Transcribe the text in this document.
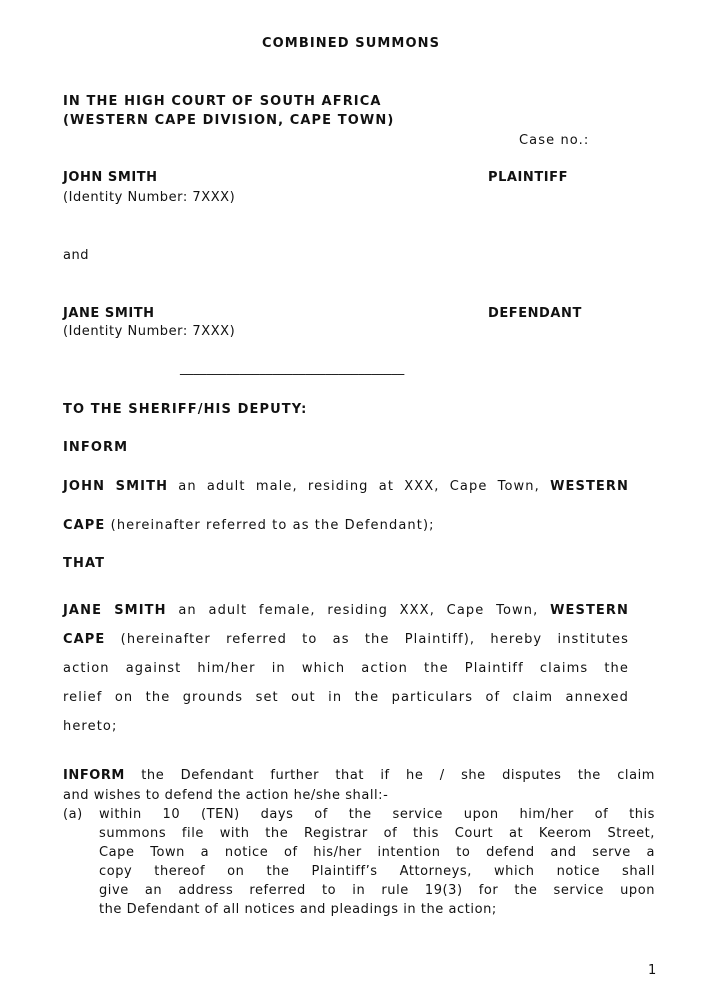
COMBINED SUMMONS
IN THE HIGH COURT OF SOUTH AFRICA
(WESTERN CAPE DIVISION, CAPE TOWN)
Case no.:
JOHN SMITH	PLAINTIFF
(Identity Number: 7XXX)
and
JANE SMITH	DEFENDANT
(Identity Number: 7XXX)
__________________________________
TO THE SHERIFF/HIS DEPUTY:
INFORM
JOHN SMITH an adult male, residing at XXX, Cape Town, WESTERN
CAPE (hereinafter referred to as the Defendant);
THAT
JANE SMITH an adult female, residing XXX, Cape Town, WESTERN
CAPE (hereinafter referred to as the Plaintiff), hereby institutes
action against him/her in which action the Plaintiff claims the
relief on the grounds set out in the particulars of claim annexed
hereto;
INFORM the Defendant further that if he / she disputes the claim
and wishes to defend the action he/she shall:-
(a) within 10 (TEN) days of the service upon him/her of this
summons file with the Registrar of this Court at Keerom Street,
Cape Town a notice of his/her intention to defend and serve a
copy thereof on the Plaintiff’s Attorneys, which notice shall
give an address referred to in rule 19(3) for the service upon
the Defendant of all notices and pleadings in the action;
1
